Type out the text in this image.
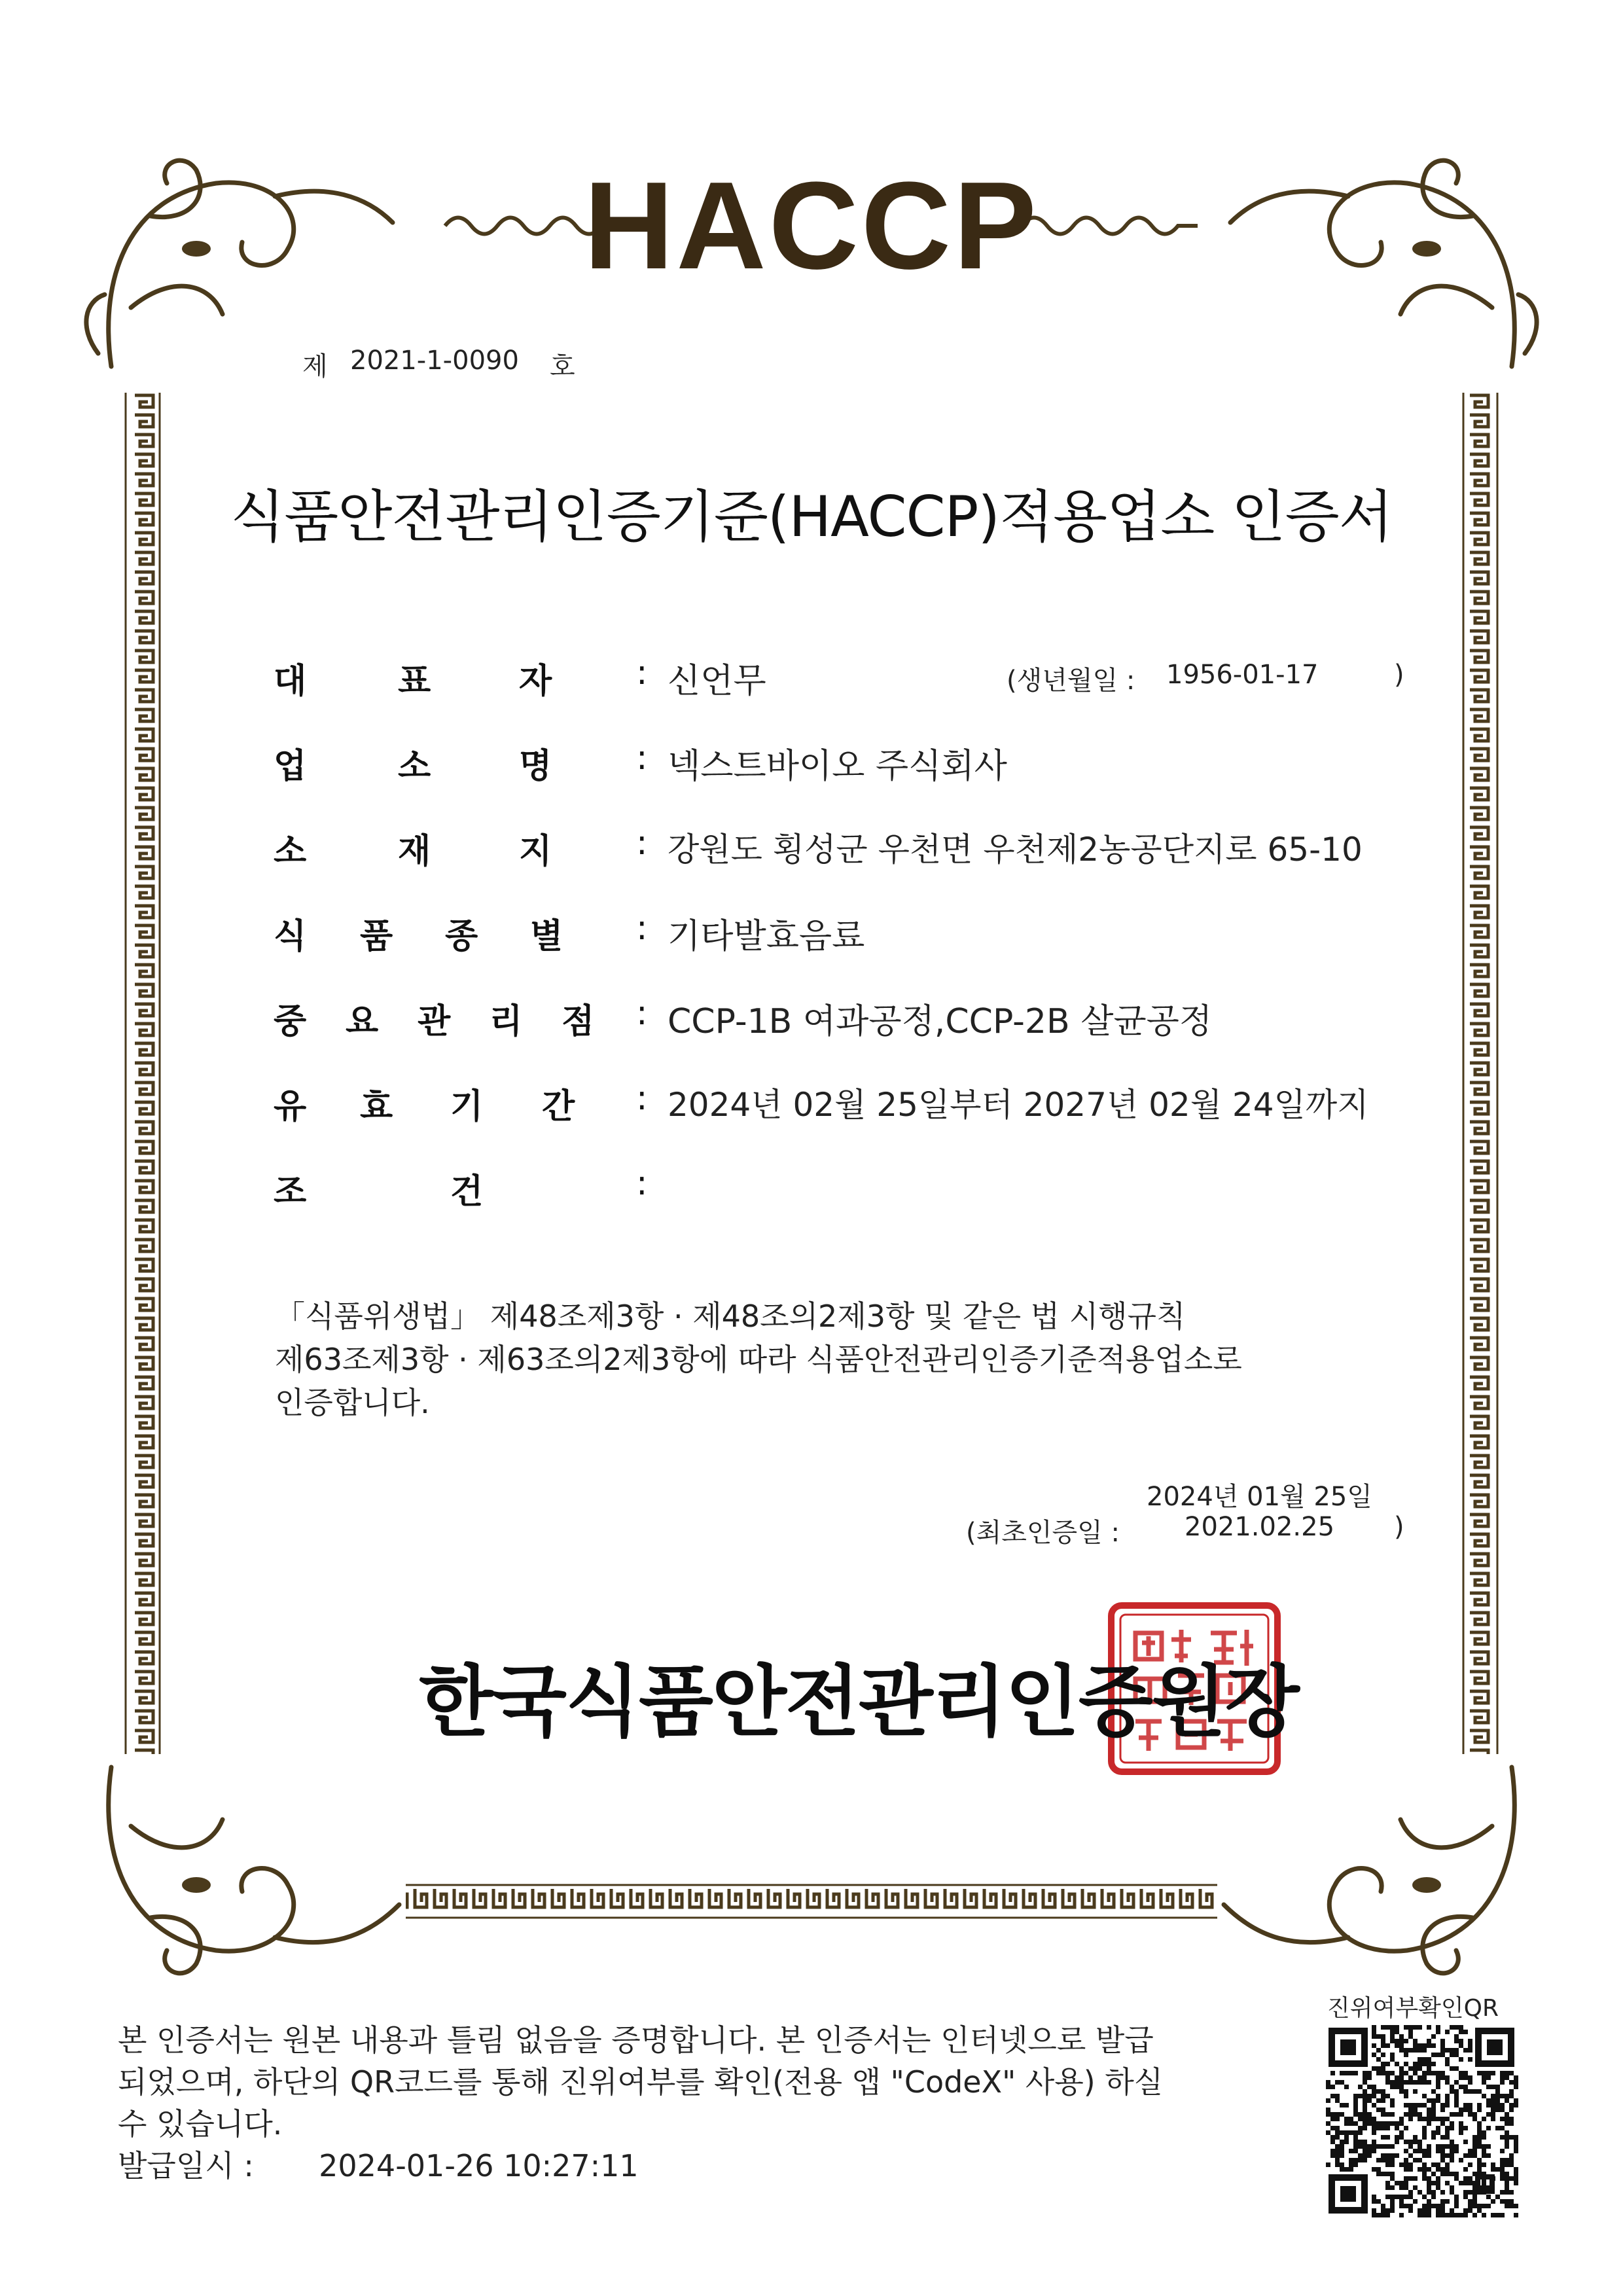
HACCP
제 2021-1-0090 호
식품안전관리인증기준(HACCP)적용업소 인증서
대	표	자 : 신언무	(생년월일 : 1956-01-17	)
업	소	명 : 넥스트바이오 주식회사
소	재	지 : 강원도 횡성군 우천면 우천제2농공단지로 65-10
식 품 종 별 : 기타발효음료
중 요 관 리 점 : CCP-1B 여과공정,CCP-2B 살균공정
유 효 기 간 : 2024년 02월 25일부터 2027년 02월 24일까지
조	건	:
「식품위생법」 제48조제3항 · 제48조의2제3항 및 같은 법 시행규칙
제63조제3항 · 제63조의2제3항에 따라 식품안전관리인증기준적용업소로
인증합니다.
2024년 01월 25일
(최초인증일 : 2021.02.25 )
한국식품안전관리인증원장
본 인증서는 원본 내용과 틀림 없음을 증명합니다. 본 인증서는 인터넷으로 발급
되었으며, 하단의 QR코드를 통해 진위여부를 확인(전용 앱 "CodeX" 사용) 하실
수 있습니다.
발급일시 : 2024-01-26 10:27:11
진위여부확인QR
